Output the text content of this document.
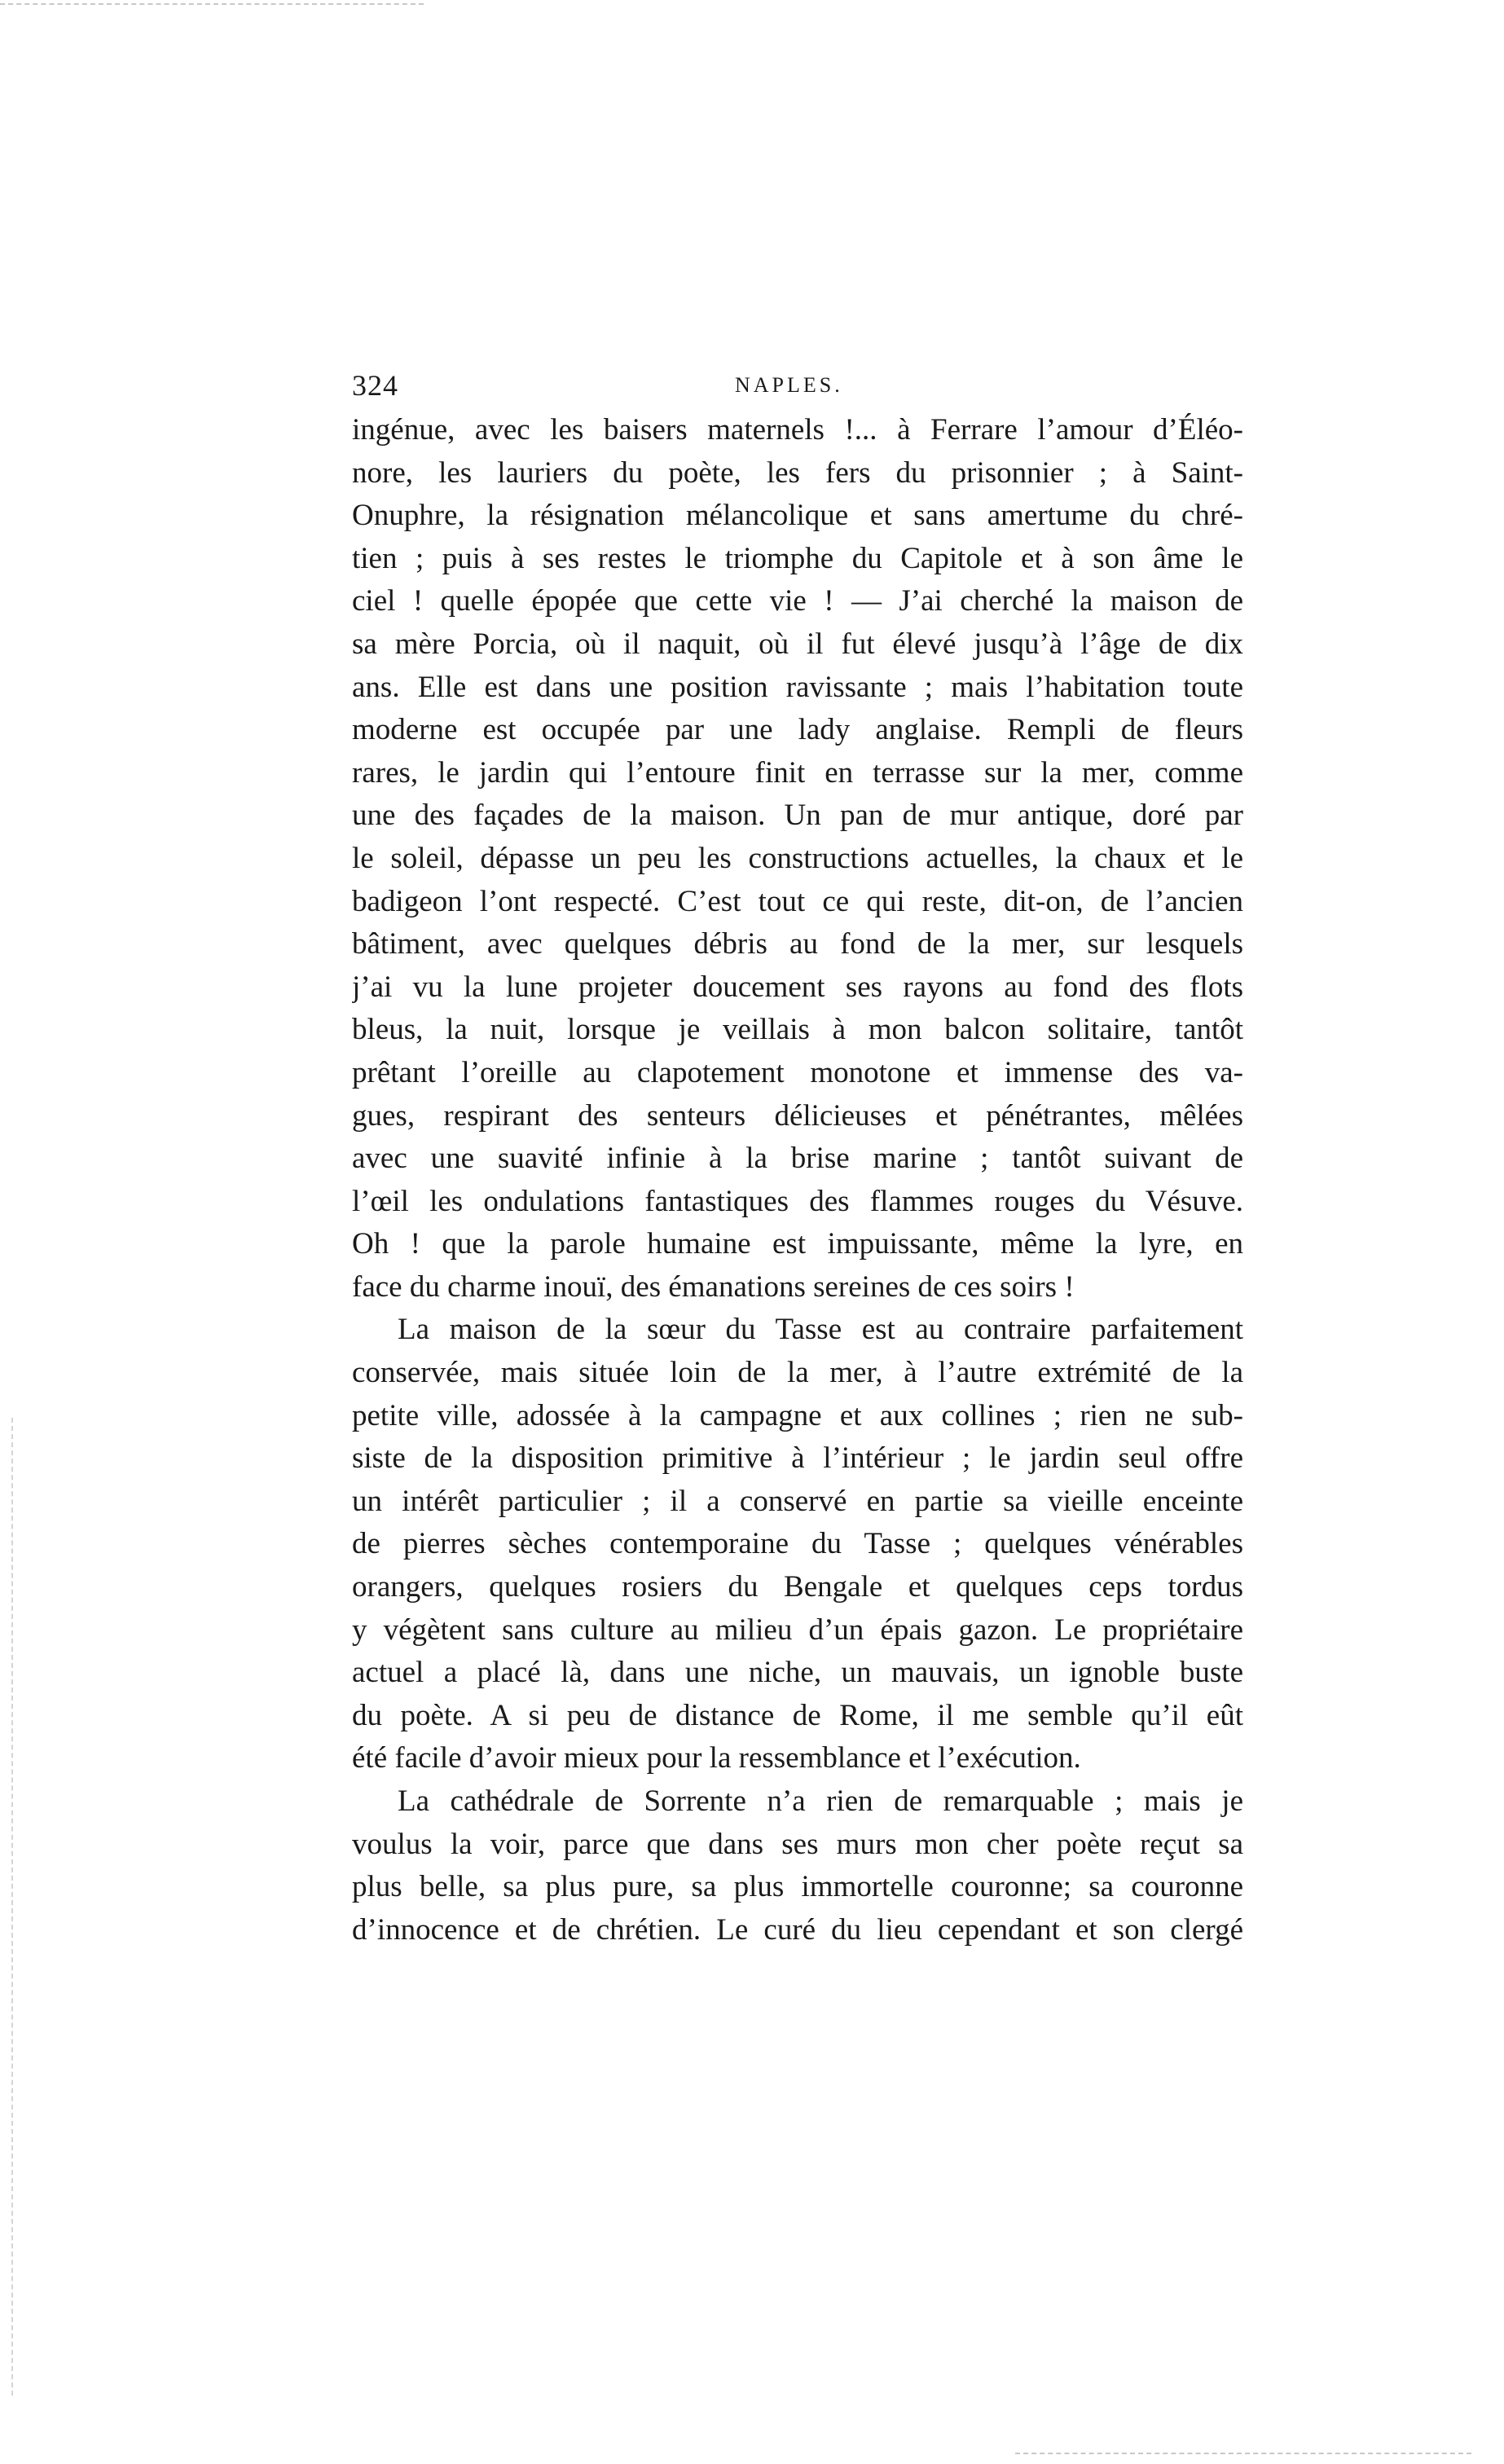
324	NAPLES.
ingénue, avec les baisers maternels !... à Ferrare l’amour d’Éléo-
nore, les lauriers du poète, les fers du prisonnier ; à Saint-
Onuphre, la résignation mélancolique et sans amertume du chré-
tien ; puis à ses restes le triomphe du Capitole et à son âme le
ciel ! quelle épopée que cette vie ! — J’ai cherché la maison de
sa mère Porcia, où il naquit, où il fut élevé jusqu’à l’âge de dix
ans. Elle est dans une position ravissante ; mais l’habitation toute
moderne est occupée par une lady anglaise. Rempli de fleurs
rares, le jardin qui l’entoure finit en terrasse sur la mer, comme
une des façades de la maison. Un pan de mur antique, doré par
le soleil, dépasse un peu les constructions actuelles, la chaux et le
badigeon l’ont respecté. C’est tout ce qui reste, dit-on, de l’ancien
bâtiment, avec quelques débris au fond de la mer, sur lesquels
j’ai vu la lune projeter doucement ses rayons au fond des flots
bleus, la nuit, lorsque je veillais à mon balcon solitaire, tantôt
prêtant l’oreille au clapotement monotone et immense des va-
gues, respirant des senteurs délicieuses et pénétrantes, mêlées
avec une suavité infinie à la brise marine ; tantôt suivant de
l’œil les ondulations fantastiques des flammes rouges du Vésuve.
Oh ! que la parole humaine est impuissante, même la lyre, en
face du charme inouï, des émanations sereines de ces soirs !
La maison de la sœur du Tasse est au contraire parfaitement
conservée, mais située loin de la mer, à l’autre extrémité de la
petite ville, adossée à la campagne et aux collines ; rien ne sub-
siste de la disposition primitive à l’intérieur ; le jardin seul offre
un intérêt particulier ; il a conservé en partie sa vieille enceinte
de pierres sèches contemporaine du Tasse ; quelques vénérables
orangers, quelques rosiers du Bengale et quelques ceps tordus
y végètent sans culture au milieu d’un épais gazon. Le propriétaire
actuel a placé là, dans une niche, un mauvais, un ignoble buste
du poète. A si peu de distance de Rome, il me semble qu’il eût
été facile d’avoir mieux pour la ressemblance et l’exécution.
La cathédrale de Sorrente n’a rien de remarquable ; mais je
voulus la voir, parce que dans ses murs mon cher poète reçut sa
plus belle, sa plus pure, sa plus immortelle couronne; sa couronne
d’innocence et de chrétien. Le curé du lieu cependant et son clergé
